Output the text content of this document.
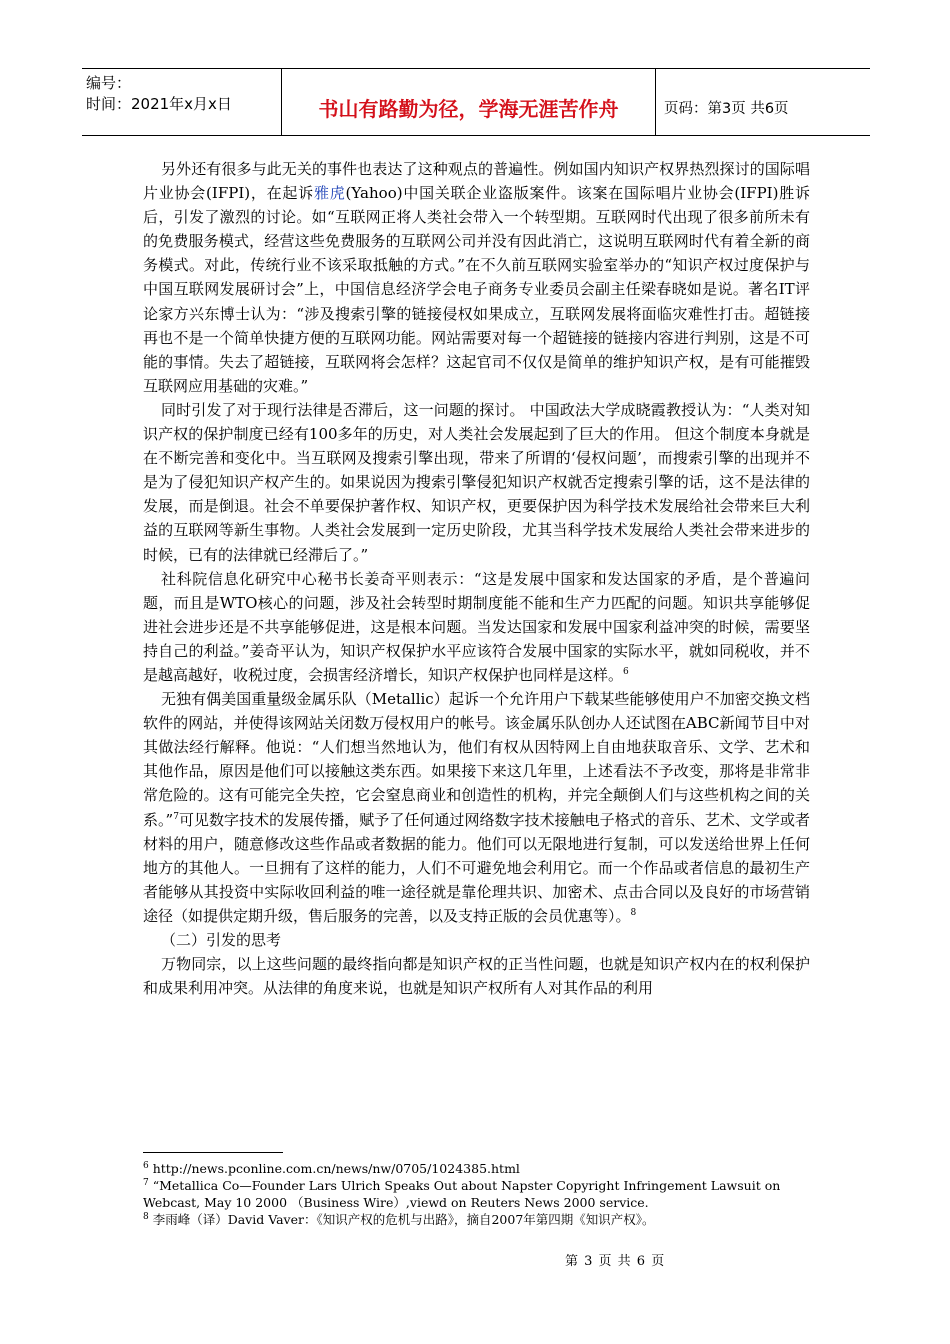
编号：
时间：2021年x月x日	书山有路勤为径，学海无涯苦作舟	页码：第3页 共6页

另外还有很多与此无关的事件也表达了这种观点的普遍性。例如国内知识产权界热烈探讨的国际唱片业协会(IFPI)，在起诉雅虎(Yahoo)中国关联企业盗版案件。该案在国际唱片业协会(IFPI)胜诉后，引发了激烈的讨论。如“互联网正将人类社会带入一个转型期。互联网时代出现了很多前所未有的免费服务模式，经营这些免费服务的互联网公司并没有因此消亡，这说明互联网时代有着全新的商务模式。对此，传统行业不该采取抵触的方式。”在不久前互联网实验室举办的“知识产权过度保护与中国互联网发展研讨会”上，中国信息经济学会电子商务专业委员会副主任梁春晓如是说。著名IT评论家方兴东博士认为：“涉及搜索引擎的链接侵权如果成立，互联网发展将面临灾难性打击。超链接再也不是一个简单快捷方便的互联网功能。网站需要对每一个超链接的链接内容进行判别，这是不可能的事情。失去了超链接，互联网将会怎样？这起官司不仅仅是简单的维护知识产权，是有可能摧毁互联网应用基础的灾难。”

同时引发了对于现行法律是否滞后，这一问题的探讨。 中国政法大学成晓霞教授认为：“人类对知识产权的保护制度已经有100多年的历史，对人类社会发展起到了巨大的作用。 但这个制度本身就是在不断完善和变化中。当互联网及搜索引擎出现，带来了所谓的‘侵权问题’，而搜索引擎的出现并不是为了侵犯知识产权产生的。如果说因为搜索引擎侵犯知识产权就否定搜索引擎的话，这不是法律的发展，而是倒退。社会不单要保护著作权、知识产权，更要保护因为科学技术发展给社会带来巨大利益的互联网等新生事物。人类社会发展到一定历史阶段，尤其当科学技术发展给人类社会带来进步的时候，已有的法律就已经滞后了。”

社科院信息化研究中心秘书长姜奇平则表示：“这是发展中国家和发达国家的矛盾，是个普遍问题，而且是WTO核心的问题，涉及社会转型时期制度能不能和生产力匹配的问题。知识共享能够促进社会进步还是不共享能够促进，这是根本问题。当发达国家和发展中国家利益冲突的时候，需要坚持自己的利益。”姜奇平认为，知识产权保护水平应该符合发展中国家的实际水平，就如同税收，并不是越高越好，收税过度，会损害经济增长，知识产权保护也同样是这样。$^6$

无独有偶美国重量级金属乐队（Metallic）起诉一个允许用户下载某些能够使用户不加密交换文档软件的网站，并使得该网站关闭数万侵权用户的帐号。该金属乐队创办人还试图在ABC新闻节目中对其做法经行解释。他说：“人们想当然地认为，他们有权从因特网上自由地获取音乐、文学、艺术和其他作品，原因是他们可以接触这类东西。如果接下来这几年里，上述看法不予改变，那将是非常非常危险的。这有可能完全失控，它会窒息商业和创造性的机构，并完全颠倒人们与这些机构之间的关系。”$^7$可见数字技术的发展传播，赋予了任何通过网络数字技术接触电子格式的音乐、艺术、文学或者材料的用户，随意修改这些作品或者数据的能力。他们可以无限地进行复制，可以发送给世界上任何地方的其他人。一旦拥有了这样的能力，人们不可避免地会利用它。而一个作品或者信息的最初生产者能够从其投资中实际收回利益的唯一途径就是靠伦理共识、加密术、点击合同以及良好的市场营销途径（如提供定期升级，售后服务的完善，以及支持正版的会员优惠等）。$^8$

（二）引发的思考

万物同宗，以上这些问题的最终指向都是知识产权的正当性问题，也就是知识产权内在的权利保护和成果利用冲突。从法律的角度来说，也就是知识产权所有人对其作品的利用

$^6$ http://news.pconline.com.cn/news/nw/0705/1024385.html
$^7$ “Metallica Co—Founder Lars Ulrich Speaks Out about Napster Copyright Infringement Lawsuit on Webcast, May 10 2000 （Business Wire）,viewd on Reuters News 2000 service.
$^8$ 李雨峰（译）David Vaver：《知识产权的危机与出路》，摘自2007年第四期《知识产权》。
第 3 页 共 6 页
